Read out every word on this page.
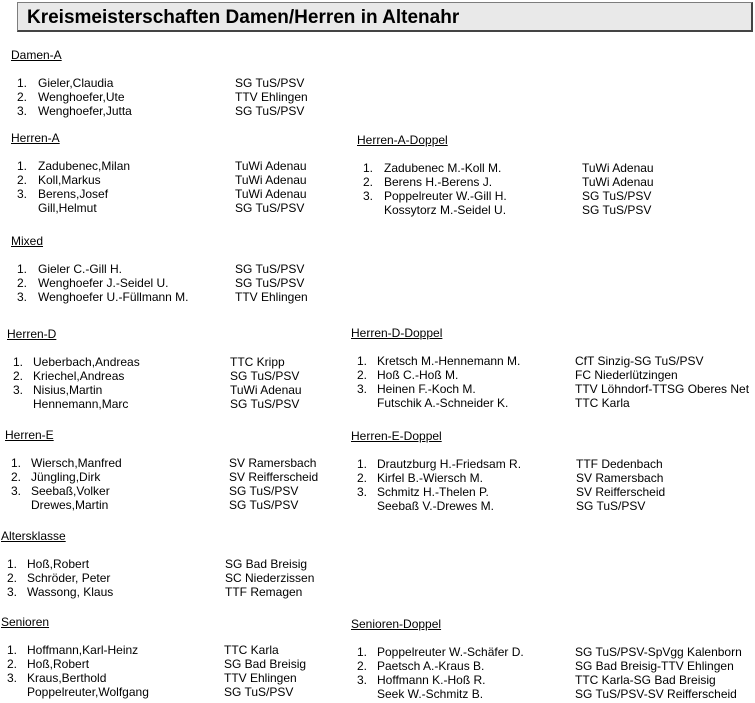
Kreismeisterschaften Damen/Herren in Altenahr
Damen-A
1. Gieler,Claudia	SG TuS/PSV
2. Wenghoefer,Ute	TTV Ehlingen
3. Wenghoefer,Jutta	SG TuS/PSV
Herren-A
1. Zadubenec,Milan	TuWi Adenau
2. Koll,Markus	TuWi Adenau
3. Berens,Josef	TuWi Adenau
Gill,Helmut	SG TuS/PSV
Herren-A-Doppel
1. Zadubenec M.-Koll M.	TuWi Adenau
2. Berens H.-Berens J.	TuWi Adenau
3. Poppelreuter W.-Gill H.	SG TuS/PSV
Kossytorz M.-Seidel U.	SG TuS/PSV
Mixed
1. Gieler C.-Gill H.	SG TuS/PSV
2. Wenghoefer J.-Seidel U.	SG TuS/PSV
3. Wenghoefer U.-Füllmann M.	TTV Ehlingen
Herren-D
1. Ueberbach,Andreas	TTC Kripp
2. Kriechel,Andreas	SG TuS/PSV
3. Nisius,Martin	TuWi Adenau
Hennemann,Marc	SG TuS/PSV
Herren-D-Doppel
1. Kretsch M.-Hennemann M.	CfT Sinzig-SG TuS/PSV
2. Hoß C.-Hoß M.	FC Niederlützingen
3. Heinen F.-Koch M.	TTV Löhndorf-TTSG Oberes Net
Futschik A.-Schneider K.	TTC Karla
Herren-E
1. Wiersch,Manfred	SV Ramersbach
2. Jüngling,Dirk	SV Reifferscheid
3. Seebaß,Volker	SG TuS/PSV
Drewes,Martin	SG TuS/PSV
Herren-E-Doppel
1. Drautzburg H.-Friedsam R.	TTF Dedenbach
2. Kirfel B.-Wiersch M.	SV Ramersbach
3. Schmitz H.-Thelen P.	SV Reifferscheid
Seebaß V.-Drewes M.	SG TuS/PSV
Altersklasse
1. Hoß,Robert	SG Bad Breisig
2. Schröder, Peter	SC Niederzissen
3. Wassong, Klaus	TTF Remagen
Senioren
1. Hoffmann,Karl-Heinz	TTC Karla
2. Hoß,Robert	SG Bad Breisig
3. Kraus,Berthold	TTV Ehlingen
Poppelreuter,Wolfgang	SG TuS/PSV
Senioren-Doppel
1. Poppelreuter W.-Schäfer D.	SG TuS/PSV-SpVgg Kalenborn
2. Paetsch A.-Kraus B.	SG Bad Breisig-TTV Ehlingen
3. Hoffmann K.-Hoß R.	TTC Karla-SG Bad Breisig
Seek W.-Schmitz B.	SG TuS/PSV-SV Reifferscheid
